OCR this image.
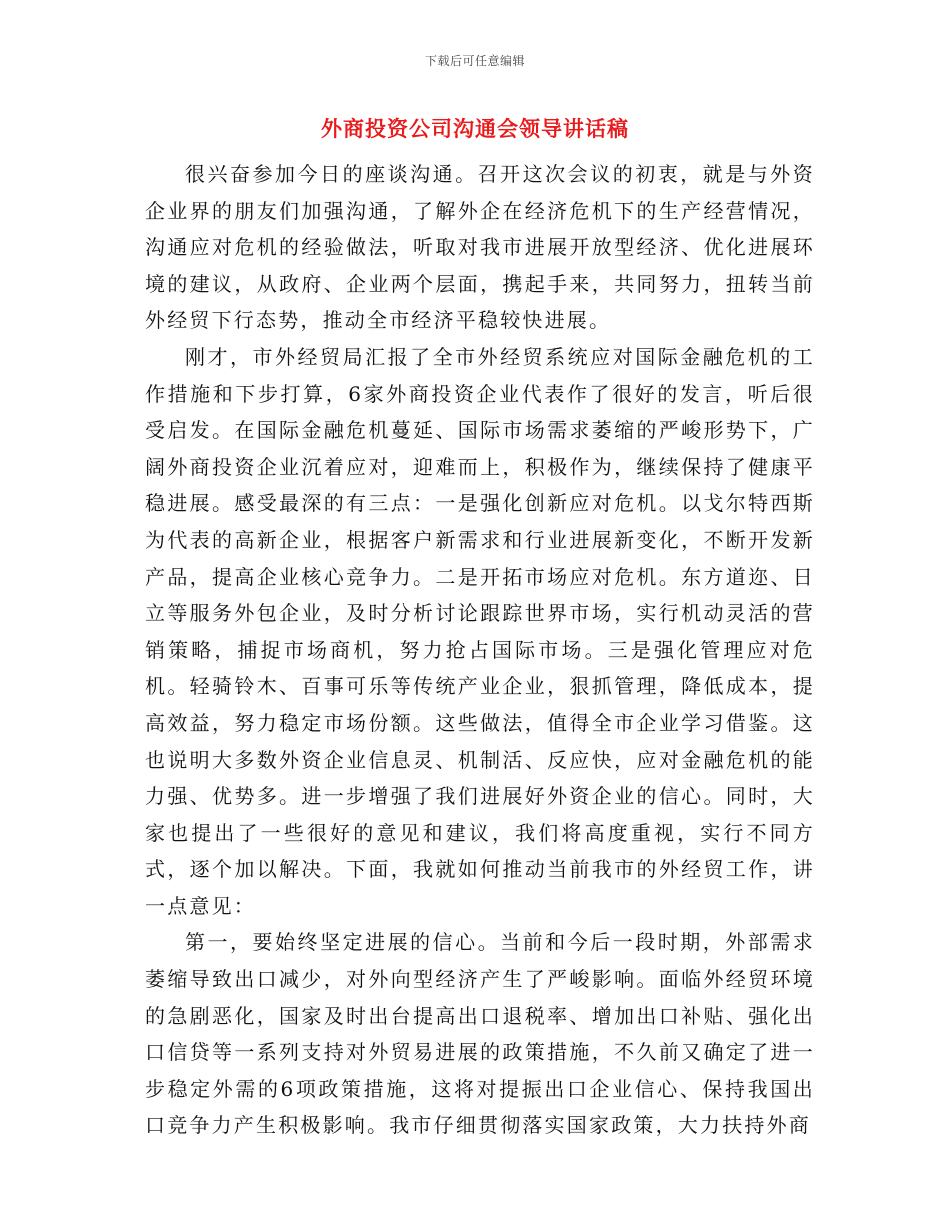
下载后可任意编辑
外商投资公司沟通会领导讲话稿

很兴奋参加今日的座谈沟通。召开这次会议的初衷，就是与外资企业界的朋友们加强沟通，了解外企在经济危机下的生产经营情况，沟通应对危机的经验做法，听取对我市进展开放型经济、优化进展环境的建议，从政府、企业两个层面，携起手来，共同努力，扭转当前外经贸下行态势，推动全市经济平稳较快进展。

刚才，市外经贸局汇报了全市外经贸系统应对国际金融危机的工作措施和下步打算，6家外商投资企业代表作了很好的发言，听后很受启发。在国际金融危机蔓延、国际市场需求萎缩的严峻形势下，广阔外商投资企业沉着应对，迎难而上，积极作为，继续保持了健康平稳进展。感受最深的有三点：一是强化创新应对危机。以戈尔特西斯为代表的高新企业，根据客户新需求和行业进展新变化，不断开发新产品，提高企业核心竞争力。二是开拓市场应对危机。东方道迩、日立等服务外包企业，及时分析讨论跟踪世界市场，实行机动灵活的营销策略，捕捉市场商机，努力抢占国际市场。三是强化管理应对危机。轻骑铃木、百事可乐等传统产业企业，狠抓管理，降低成本，提高效益，努力稳定市场份额。这些做法，值得全市企业学习借鉴。这也说明大多数外资企业信息灵、机制活、反应快，应对金融危机的能力强、优势多。进一步增强了我们进展好外资企业的信心。同时，大家也提出了一些很好的意见和建议，我们将高度重视，实行不同方式，逐个加以解决。下面，我就如何推动当前我市的外经贸工作，讲一点意见：

第一，要始终坚定进展的信心。当前和今后一段时期，外部需求萎缩导致出口减少，对外向型经济产生了严峻影响。面临外经贸环境的急剧恶化，国家及时出台提高出口退税率、增加出口补贴、强化出口信贷等一系列支持对外贸易进展的政策措施，不久前又确定了进一步稳定外需的6项政策措施，这将对提振出口企业信心、保持我国出口竞争力产生积极影响。我市仔细贯彻落实国家政策，大力扶持外商
